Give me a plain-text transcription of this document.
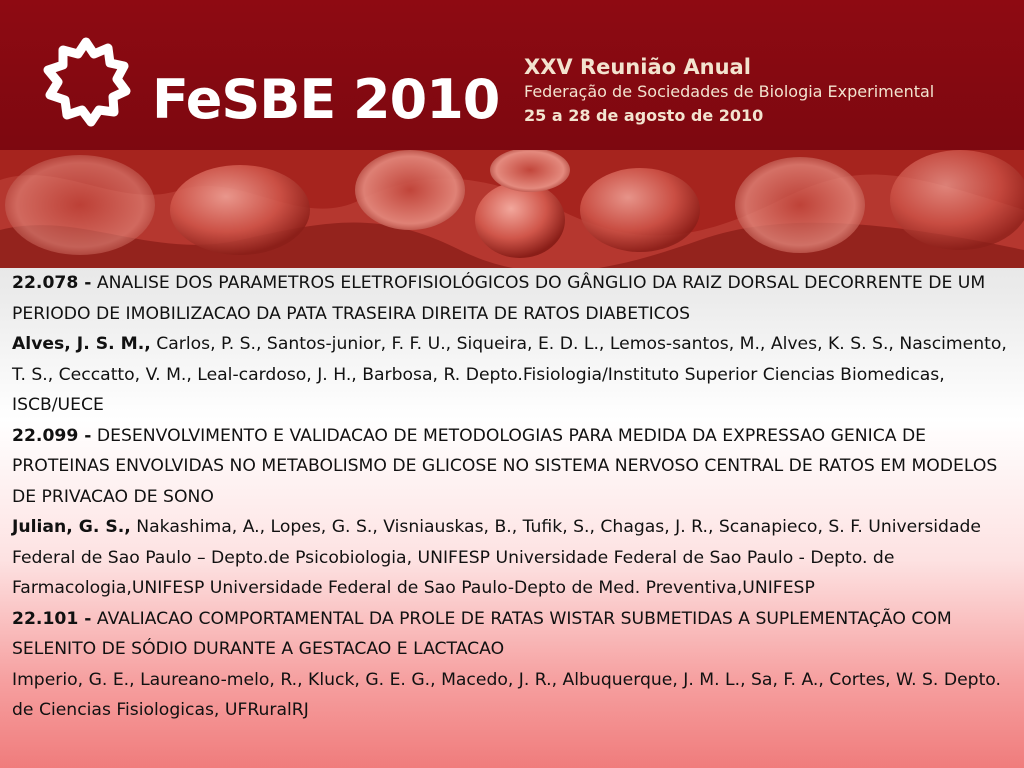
FeSBE 2010
XXV Reunião Anual
Federação de Sociedades de Biologia Experimental
25 a 28 de agosto de 2010

22.078 - ANALISE DOS PARAMETROS ELETROFISIOLÓGICOS DO GÂNGLIO DA RAIZ DORSAL DECORRENTE DE UM PERIODO DE IMOBILIZACAO DA PATA TRASEIRA DIREITA DE RATOS DIABETICOS

Alves, J. S. M., Carlos, P. S., Santos-junior, F. F. U., Siqueira, E. D. L., Lemos-santos, M., Alves, K. S. S., Nascimento, T. S., Ceccatto, V. M., Leal-cardoso, J. H., Barbosa, R. Depto.Fisiologia/Instituto Superior Ciencias Biomedicas, ISCB/UECE

22.099 - DESENVOLVIMENTO E VALIDACAO DE METODOLOGIAS PARA MEDIDA DA EXPRESSAO GENICA DE PROTEINAS ENVOLVIDAS NO METABOLISMO DE GLICOSE NO SISTEMA NERVOSO CENTRAL DE RATOS EM MODELOS DE PRIVACAO DE SONO

Julian, G. S., Nakashima, A., Lopes, G. S., Visniauskas, B., Tufik, S., Chagas, J. R., Scanapieco, S. F. Universidade Federal de Sao Paulo – Depto.de Psicobiologia, UNIFESP Universidade Federal de Sao Paulo - Depto. de Farmacologia,UNIFESP Universidade Federal de Sao Paulo-Depto de Med. Preventiva,UNIFESP

22.101 - AVALIACAO COMPORTAMENTAL DA PROLE DE RATAS WISTAR SUBMETIDAS A SUPLEMENTAÇÃO COM SELENITO DE SÓDIO DURANTE A GESTACAO E LACTACAO

Imperio, G. E., Laureano-melo, R., Kluck, G. E. G., Macedo, J. R., Albuquerque, J. M. L., Sa, F. A., Cortes, W. S. Depto. de Ciencias Fisiologicas, UFRuralRJ
